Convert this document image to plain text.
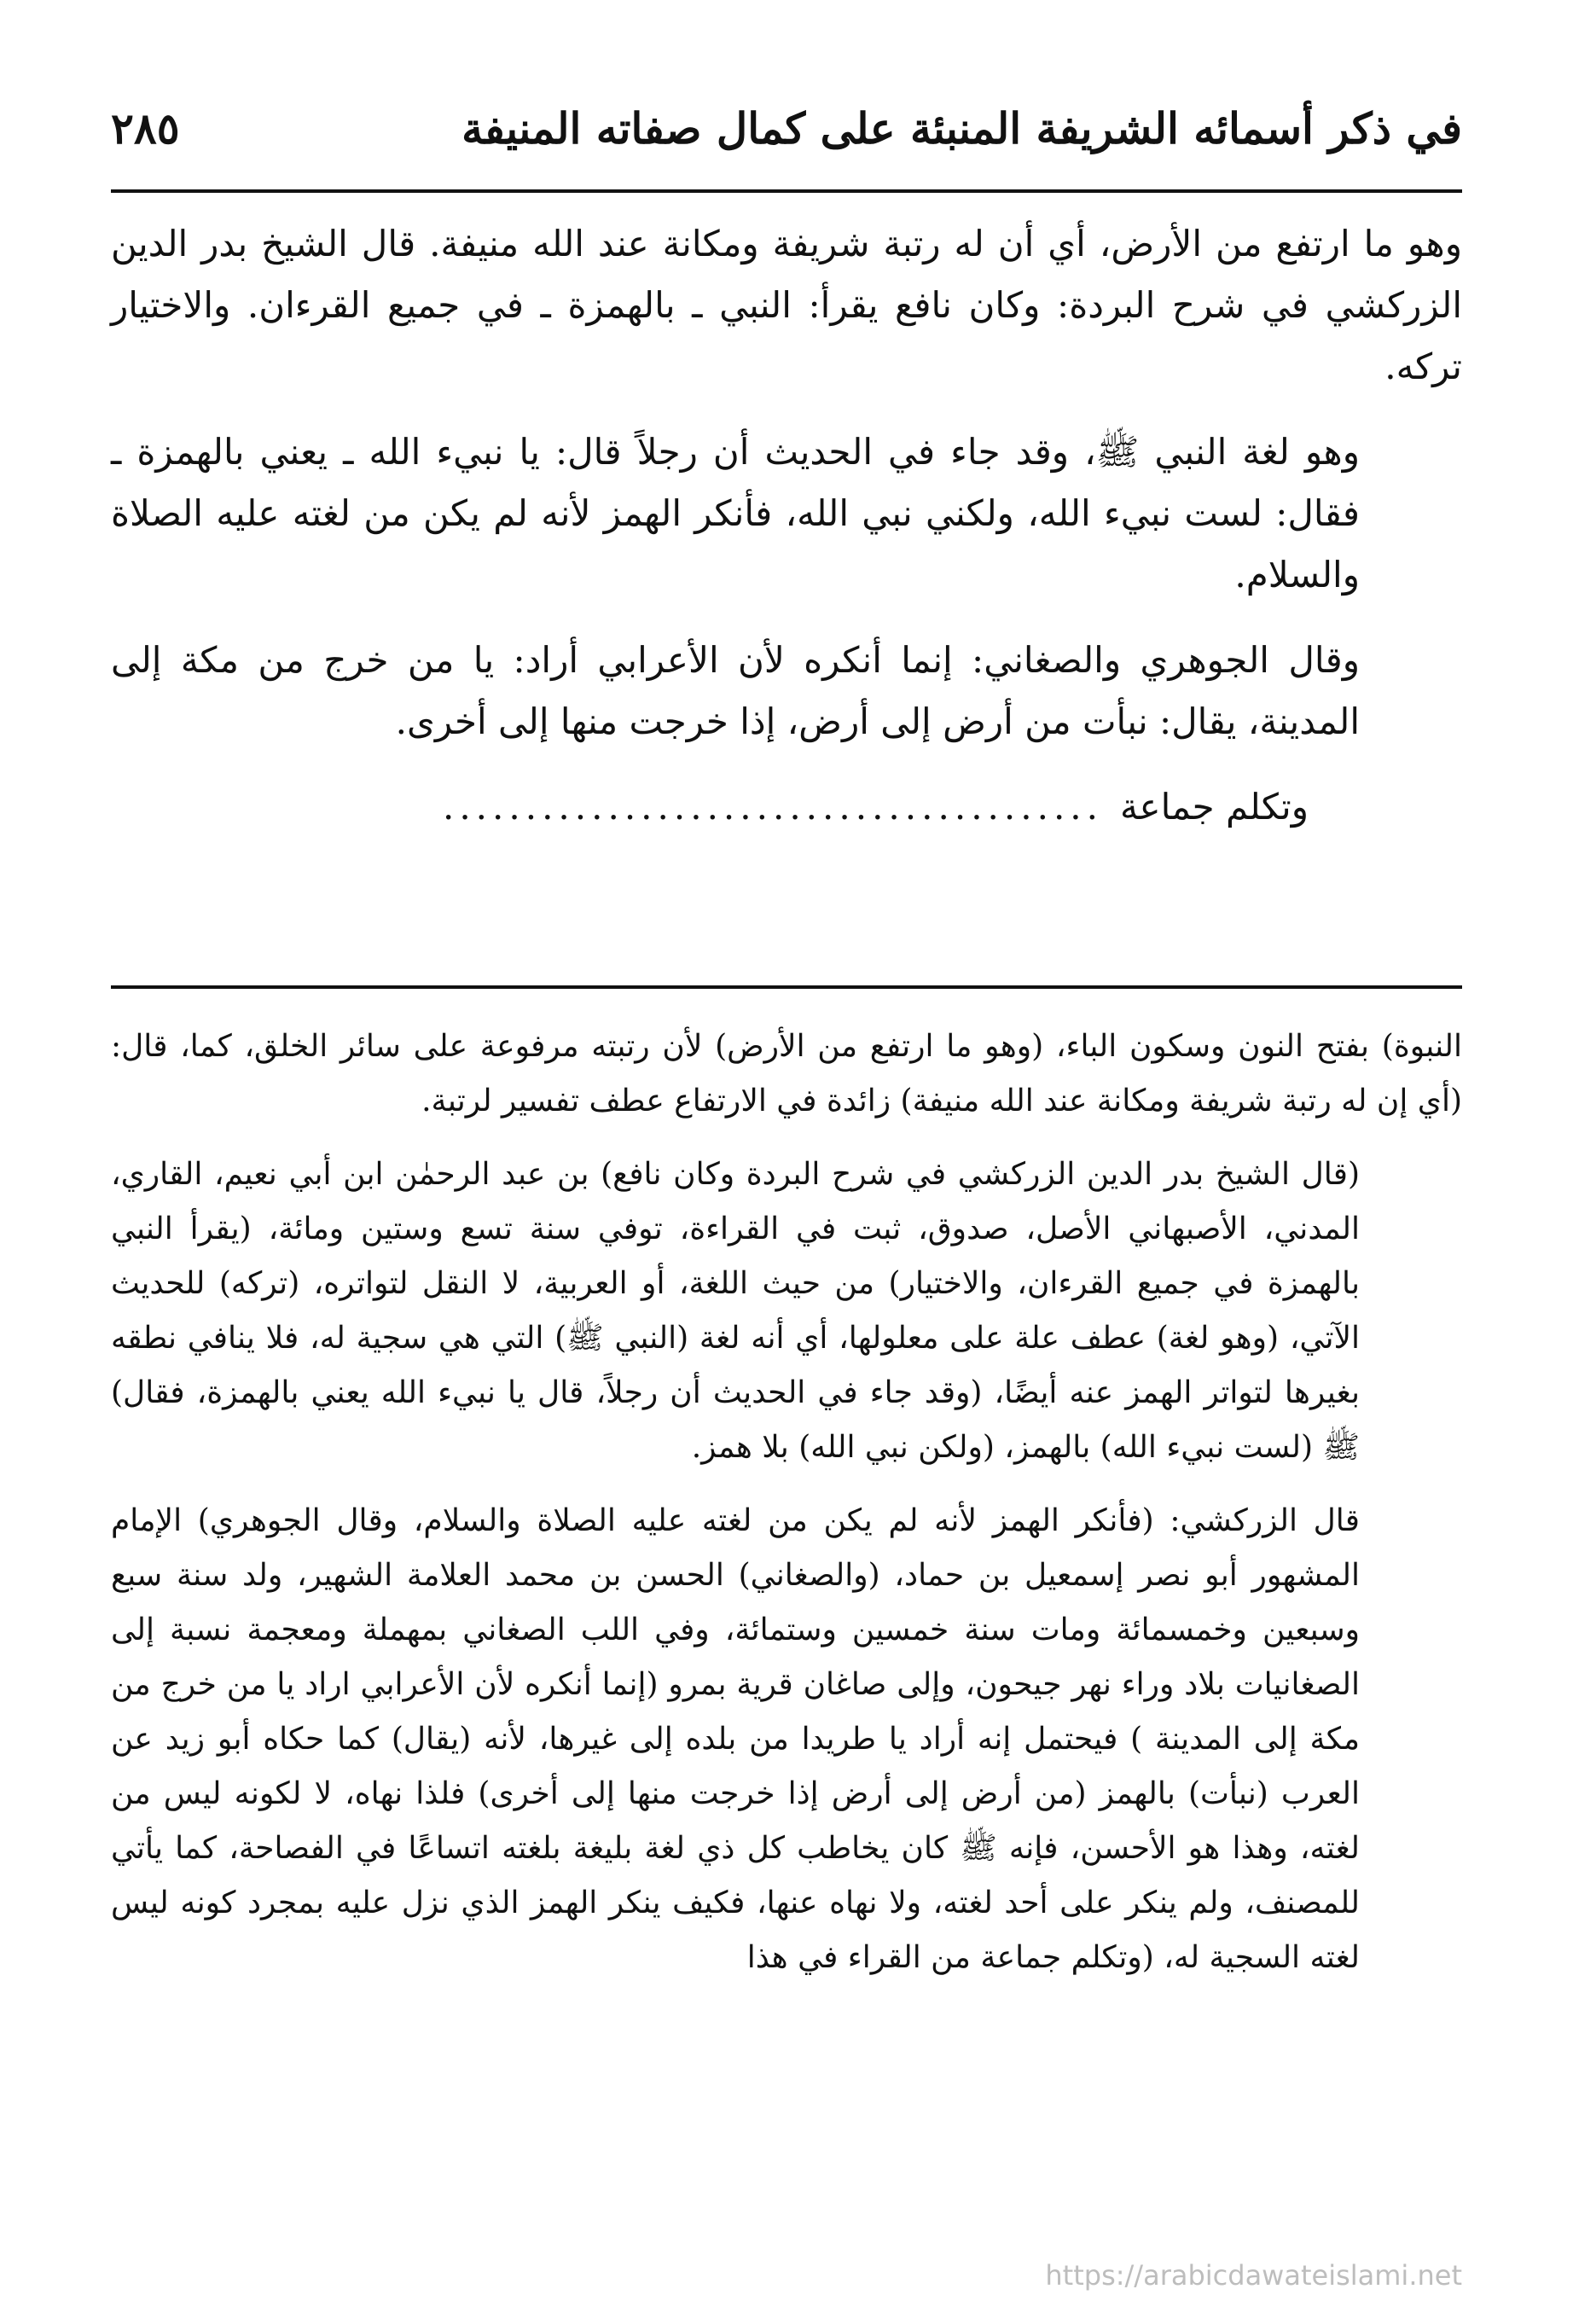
في ذكر أسمائه الشريفة المنبئة على كمال صفاته المنيفة
٢٨٥

وهو ما ارتفع من الأرض، أي أن له رتبة شريفة ومكانة عند الله منيفة. قال الشيخ بدر الدين الزركشي في شرح البردة: وكان نافع يقرأ: النبي ـ بالهمزة ـ في جميع القرءان. والاختيار تركه.

وهو لغة النبي ﷺ، وقد جاء في الحديث أن رجلاً قال: يا نبيء الله ـ يعني بالهمزة ـ فقال: لست نبيء الله، ولكني نبي الله، فأنكر الهمز لأنه لم يكن من لغته عليه الصلاة والسلام.

وقال الجوهري والصغاني: إنما أنكره لأن الأعرابي أراد: يا من خرج من مكة إلى المدينة، يقال: نبأت من أرض إلى أرض، إذا خرجت منها إلى أخرى.

وتكلم جماعة
........................................

النبوة) بفتح النون وسكون الباء، (وهو ما ارتفع من الأرض) لأن رتبته مرفوعة على سائر الخلق، كما، قال: (أي إن له رتبة شريفة ومكانة عند الله منيفة) زائدة في الارتفاع عطف تفسير لرتبة.

(قال الشيخ بدر الدين الزركشي في شرح البردة وكان نافع) بن عبد الرحمٰن ابن أبي نعيم، القاري، المدني، الأصبهاني الأصل، صدوق، ثبت في القراءة، توفي سنة تسع وستين ومائة، (يقرأ النبي بالهمزة في جميع القرءان، والاختيار) من حيث اللغة، أو العربية، لا النقل لتواتره، (تركه) للحديث الآتي، (وهو لغة) عطف علة على معلولها، أي أنه لغة (النبي ﷺ) التي هي سجية له، فلا ينافي نطقه بغيرها لتواتر الهمز عنه أيضًا، (وقد جاء في الحديث أن رجلاً، قال يا نبيء الله يعني بالهمزة، فقال) ﷺ (لست نبيء الله) بالهمز، (ولكن نبي الله) بلا همز.

قال الزركشي: (فأنكر الهمز لأنه لم يكن من لغته عليه الصلاة والسلام، وقال الجوهري) الإمام المشهور أبو نصر إسمعيل بن حماد، (والصغاني) الحسن بن محمد العلامة الشهير، ولد سنة سبع وسبعين وخمسمائة ومات سنة خمسين وستمائة، وفي اللب الصغاني بمهملة ومعجمة نسبة إلى الصغانيات بلاد وراء نهر جيحون، وإلى صاغان قرية بمرو (إنما أنكره لأن الأعرابي اراد يا من خرج من مكة إلى المدينة ) فيحتمل إنه أراد يا طريدا من بلده إلى غيرها، لأنه (يقال) كما حكاه أبو زيد عن العرب (نبأت) بالهمز (من أرض إلى أرض إذا خرجت منها إلى أخرى) فلذا نهاه، لا لكونه ليس من لغته، وهذا هو الأحسن، فإنه ﷺ كان يخاطب كل ذي لغة بليغة بلغته اتساعًا في الفصاحة، كما يأتي للمصنف، ولم ينكر على أحد لغته، ولا نهاه عنها، فكيف ينكر الهمز الذي نزل عليه بمجرد كونه ليس لغته السجية له، (وتكلم جماعة من القراء في هذا

https://arabicdawateislami.net
